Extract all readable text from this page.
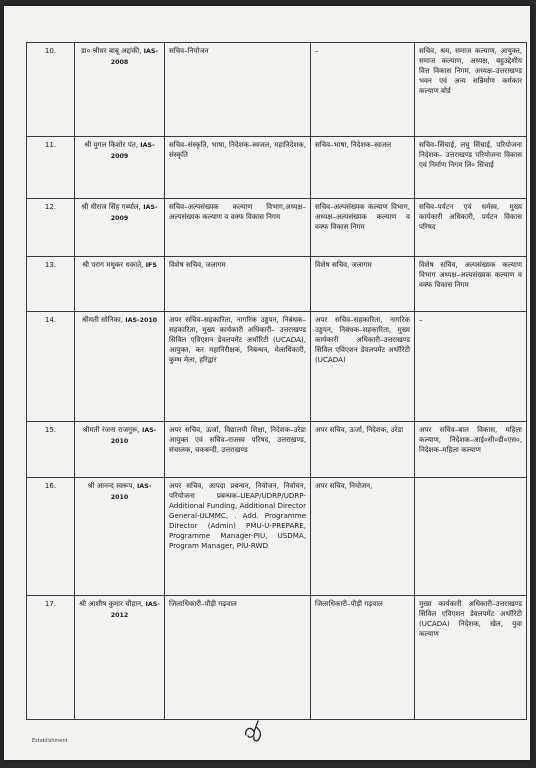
10.	डा० श्रीधर बाबू अद्दांकी, IAS-2008	सचिव–नियोजन	–	सचिव, श्रम, समाज कल्याण, आयुक्त, समाज कल्याण, अध्यक्ष, बहुउद्देशीय वित्त विकास निगम, अध्यक्ष–उत्तराखण्ड भवन एवं अन्य सन्निर्माण कर्मकार कल्याण बोर्ड
11.	श्री युगल किशोर पंत, IAS-2009	सचिव–संस्कृति, भाषा, निदेशक–स्वजल, महानिदेशक, संस्कृति	सचिव–भाषा, निदेशक–स्वजल	सचिव–सिंचाई, लघु सिंचाई, परियोजना निदेशक– उत्तराखण्ड परियोजना विकास एवं निर्माण निगम लि० सिंचाई
12.	श्री धीराज सिंह गर्ब्याल, IAS-2009	सचिव–अल्पसंख्यक कल्याण विभाग,अध्यक्ष–अल्पसंख्यक कल्याण व वक्फ विकास निगम	सचिव–अल्पसंख्यक कल्याण विभाग, अध्यक्ष–अल्पसंख्यक कल्याण व वक्फ विकास निगम	सचिव–पर्यटन एवं धर्मस्व, मुख्य कार्यकारी अधिकारी, पर्यटन विकास परिषद
13.	श्री पराग मधुकर धकाते, IFS	विशेष सचिव, जलागम	विशेष सचिव, जलागम	विशेष सचिव, अल्पसंख्यक कल्याण विभाग अध्यक्ष–अल्पसंख्यक कल्याण व वक्फ विकास निगम
14.	श्रीमती सोनिका, IAS-2010	अपर सचिव–सहकारिता, नागरिक उड्डयन, निबंधक–सहकारिता, मुख्य कार्यकारी अधिकारी– उत्तराखण्ड सिविल एविएशन डेवलपमेंट अथॉरिटी (UCADA), आयुक्त, कर महानिरीक्षक, निबन्धन, मेलाधिकारी, कुम्भ मेला, हरिद्वार	अपर सचिव–सहकारिता, नागरिक उड्डयन, निबंधक–सहकारिता, मुख्य कार्यकारी अधिकारी–उत्तराखण्ड सिविल एविएशन डेवलपमेंट अथॉरिटी (UCADA)	–
15.	श्रीमती रंजना राजगुरू, IAS-2010	अपर सचिव, ऊर्जा, विद्यालयी शिक्षा, निदेशक–उरेडा आयुक्त एवं सचिव–राजस्व परिषद, उत्तराखण्ड, संचालक, चकबन्दी, उत्तराखण्ड	अपर सचिव, ऊर्जा, निदेशक, उरेडा	अपर सचिव–बाल विकास, महिला कल्याण, निदेशक–आई०सी०डी०एस०, निदेशक–महिला कल्याण
16.	श्री आनन्द स्वरूप, IAS-2010	अपर सचिव, आपदा प्रबन्धन, नियोजन, निर्वाचन, परियोजना प्रबन्धक–UEAP/UDRP/UDRP-Additional Funding, Additional Director General-ULMMC, . Add. Programme Director (Admin) PMU-U-PREPARE, Programme Manager-PIU, USDMA, Program Manager, PIU-RWD	अपर सचिव, नियोजन,	
17.	श्री आशीष कुमार चौहान, IAS-2012	जिलाधिकारी–पौड़ी गढ़वाल	जिलाधिकारी–पौड़ी गढ़वाल	मुख्य कार्यकारी अधिकारी–उत्तराखण्ड सिविल एविएशन डेवलपमेंट अथॉरिटी (UCADA) निदेशक, खेल, युवा कल्याण
Establishment
